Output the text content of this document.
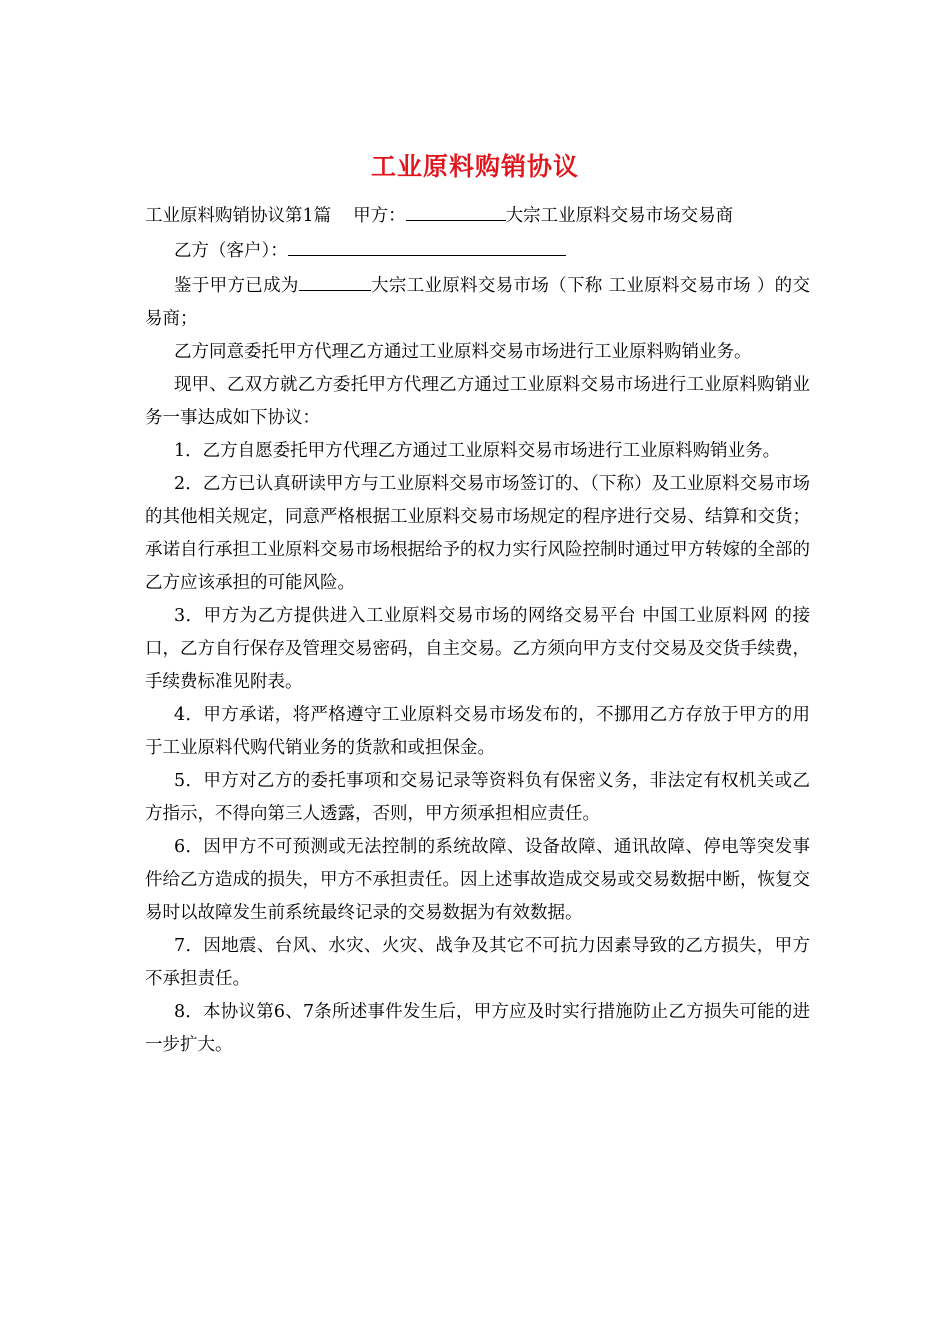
工业原料购销协议

工业原料购销协议第1篇 甲方：	大宗工业原料交易市场交易商

乙方（客户）：

鉴于甲方已成为	大宗工业原料交易市场（下称 工业原料交易市场 ）的交易商；

乙方同意委托甲方代理乙方通过工业原料交易市场进行工业原料购销业务。

现甲、乙双方就乙方委托甲方代理乙方通过工业原料交易市场进行工业原料购销业务一事达成如下协议：

1．乙方自愿委托甲方代理乙方通过工业原料交易市场进行工业原料购销业务。

2．乙方已认真研读甲方与工业原料交易市场签订的、（下称）及工业原料交易市场的其他相关规定，同意严格根据工业原料交易市场规定的程序进行交易、结算和交货；承诺自行承担工业原料交易市场根据给予的权力实行风险控制时通过甲方转嫁的全部的乙方应该承担的可能风险。

3．甲方为乙方提供进入工业原料交易市场的网络交易平台 中国工业原料网 的接口，乙方自行保存及管理交易密码，自主交易。乙方须向甲方支付交易及交货手续费，手续费标准见附表。

4．甲方承诺，将严格遵守工业原料交易市场发布的，不挪用乙方存放于甲方的用于工业原料代购代销业务的货款和或担保金。

5．甲方对乙方的委托事项和交易记录等资料负有保密义务，非法定有权机关或乙方指示，不得向第三人透露，否则，甲方须承担相应责任。

6．因甲方不可预测或无法控制的系统故障、设备故障、通讯故障、停电等突发事件给乙方造成的损失，甲方不承担责任。因上述事故造成交易或交易数据中断，恢复交易时以故障发生前系统最终记录的交易数据为有效数据。

7．因地震、台风、水灾、火灾、战争及其它不可抗力因素导致的乙方损失，甲方不承担责任。

8．本协议第6、7条所述事件发生后，甲方应及时实行措施防止乙方损失可能的进一步扩大。
